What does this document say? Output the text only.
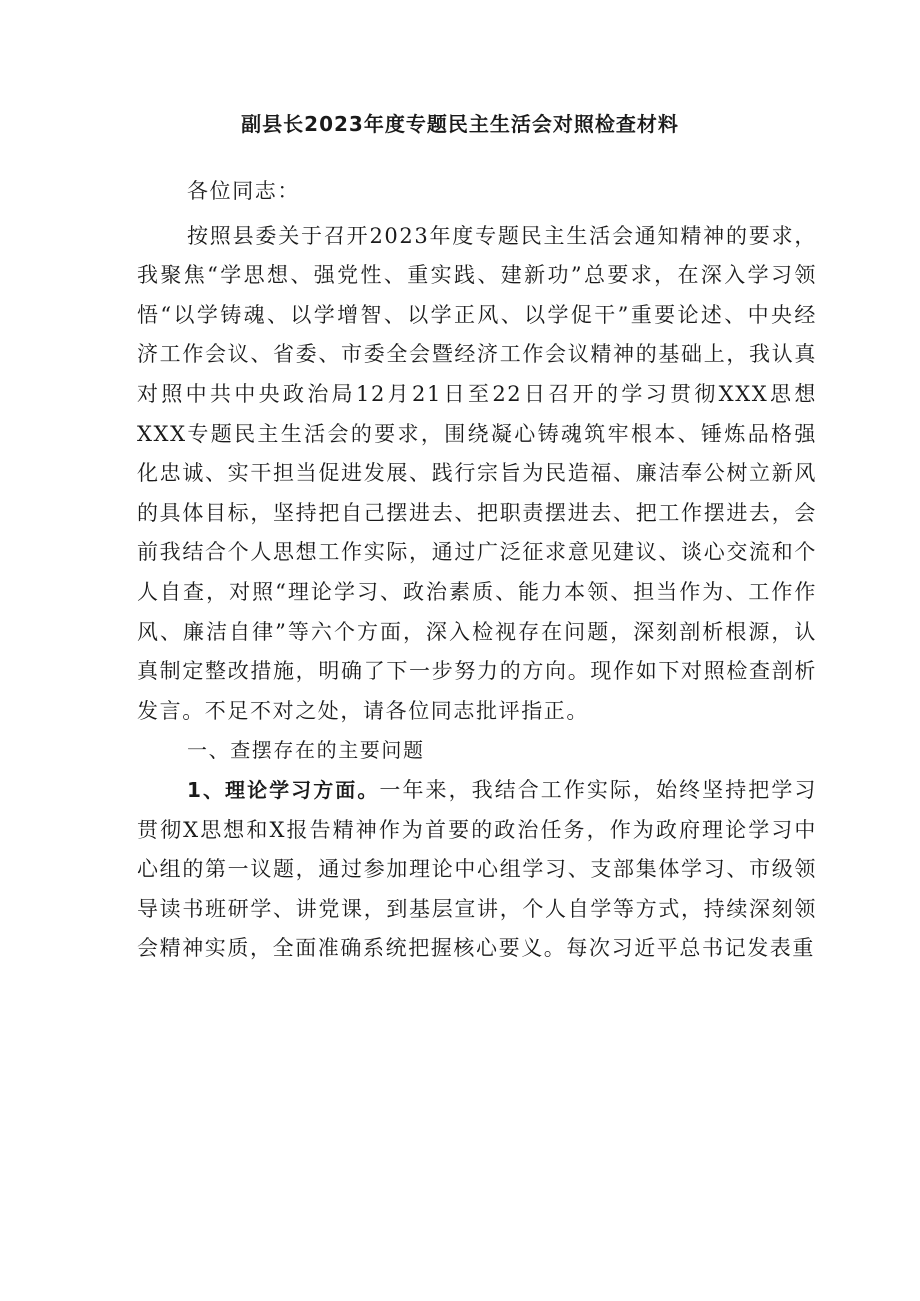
副县长2023年度专题民主生活会对照检查材料

各位同志：

按照县委关于召开2023年度专题民主生活会通知精神的要求，我聚焦“学思想、强党性、重实践、建新功”总要求，在深入学习领悟“以学铸魂、以学增智、以学正风、以学促干”重要论述、中央经济工作会议、省委、市委全会暨经济工作会议精神的基础上，我认真对照中共中央政治局12月21日至22日召开的学习贯彻XXX思想XXX专题民主生活会的要求，围绕凝心铸魂筑牢根本、锤炼品格强化忠诚、实干担当促进发展、践行宗旨为民造福、廉洁奉公树立新风的具体目标，坚持把自己摆进去、把职责摆进去、把工作摆进去，会前我结合个人思想工作实际，通过广泛征求意见建议、谈心交流和个人自查，对照“理论学习、政治素质、能力本领、担当作为、工作作风、廉洁自律”等六个方面，深入检视存在问题，深刻剖析根源，认真制定整改措施，明确了下一步努力的方向。现作如下对照检查剖析发言。不足不对之处，请各位同志批评指正。

一、查摆存在的主要问题

1、理论学习方面。一年来，我结合工作实际，始终坚持把学习贯彻X思想和X报告精神作为首要的政治任务，作为政府理论学习中心组的第一议题，通过参加理论中心组学习、支部集体学习、市级领导读书班研学、讲党课，到基层宣讲，个人自学等方式，持续深刻领会精神实质，全面准确系统把握核心要义。每次习近平总书记发表重
